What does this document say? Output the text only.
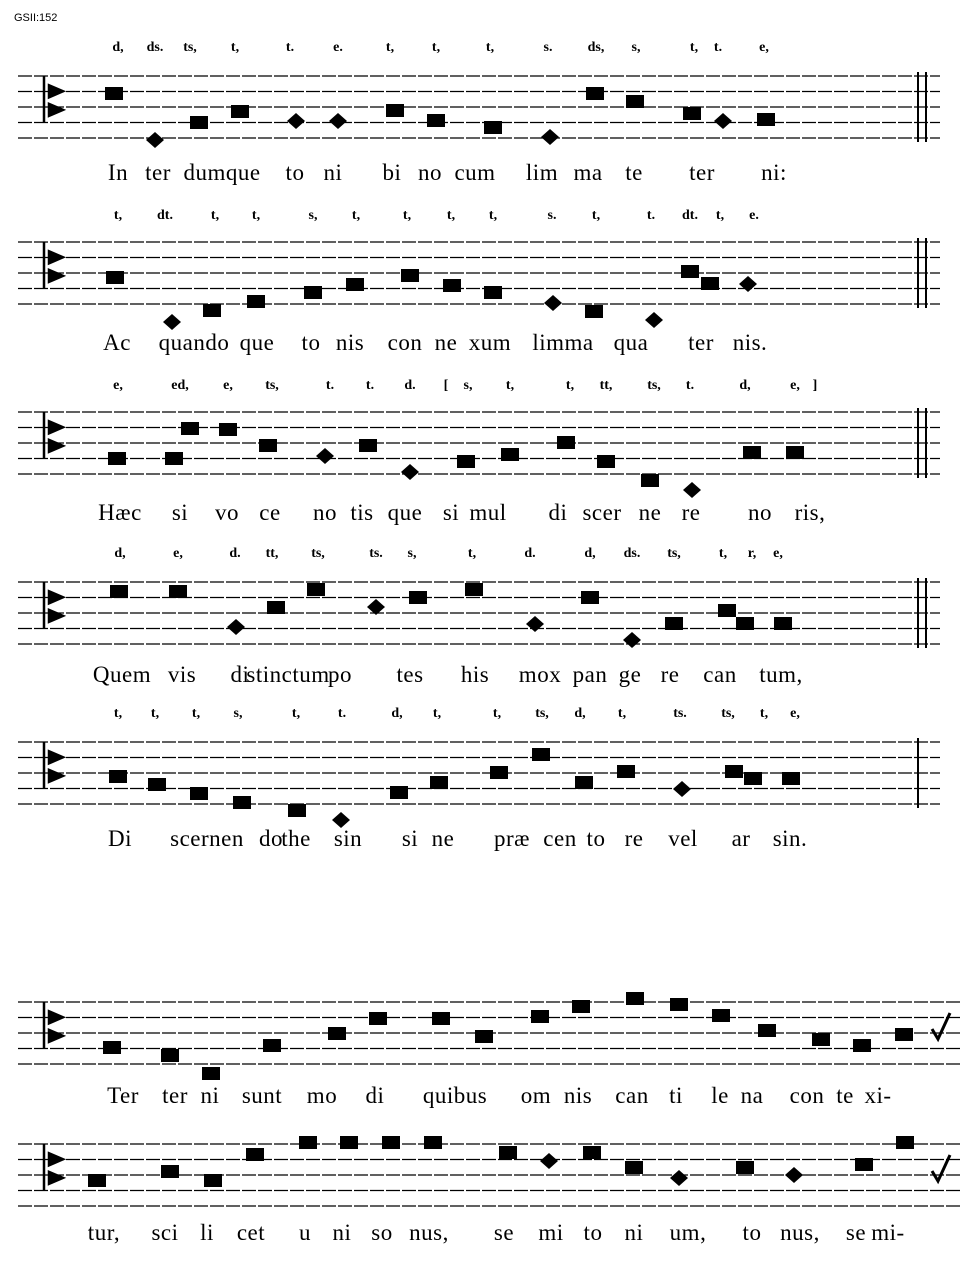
GSII:152
d, ds. ts, t,	t.	e.	t,	t,	t,	s.	ds, s,	t, t.	e,
In ter dumque to ni bi no cum lim ma te ter ni:
t, dt.	t, t,	s, t,	t,	t, t,	s.	t,	t. dt. t, e.
Ac quando que to nis con ne xum limma qua ter nis.
e,	ed, e, ts,	t. t. d. [ s, t,	t, tt, ts, t.	d,	e, ]
Hæc si vo ce no tis que si mul di scer ne re no ris,
d,	e,	d. tt, ts,	ts. s,	t,	d.	d, ds. ts,	t, r, e,
Quem vis di
stinctum
po tes his mox pan ge re can tum,
t, t, t, s,	t,	t.	d, t,	t, ts, d, t,	ts. ts, t, e,
Di scernen do
the sin si ne præ cen to re vel ar sin.
Ter ter ni sunt mo di quibus om nis can ti le na con te xi-
tur, sci li cet u ni so nus, se mi to ni um, to nus, se mi-
